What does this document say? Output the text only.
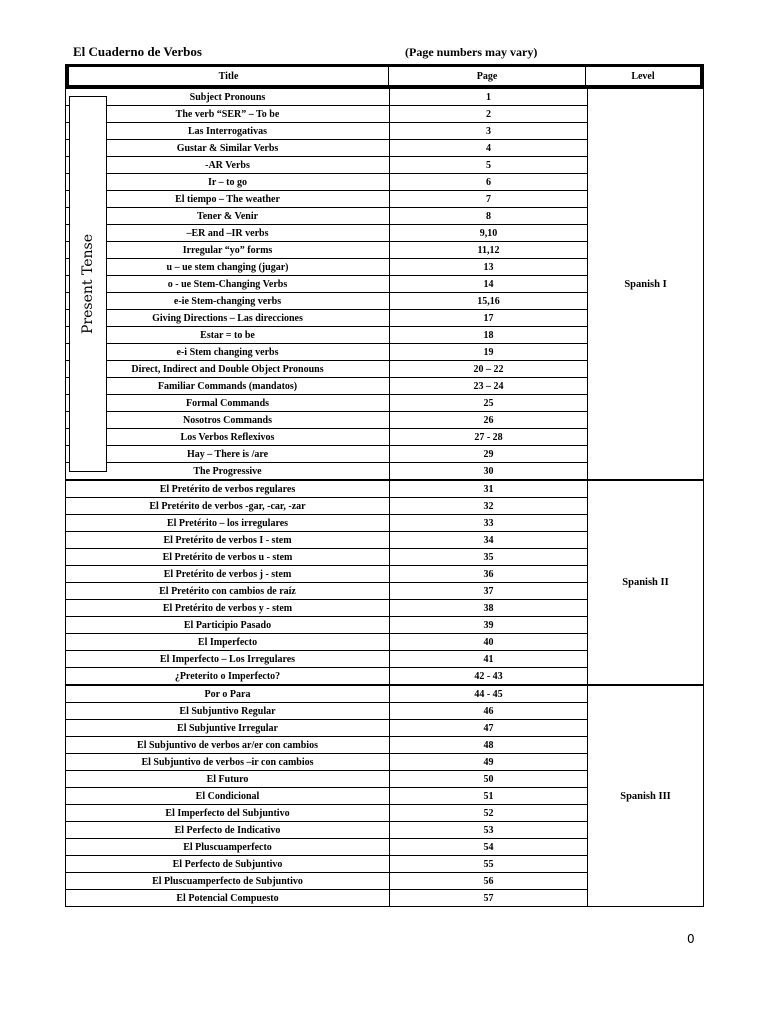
El Cuaderno de Verbos	(Page numbers may vary)
Title	Page	Level
Subject Pronouns	1	Spanish I
The verb “SER” – To be	2	
Las Interrogativas	3	
Gustar & Similar Verbs	4	
-AR Verbs	5	
Ir – to go	6	
El tiempo – The weather	7	
Tener & Venir	8	
–ER and –IR verbs	9,10	
Irregular “yo” forms	11,12	
u – ue stem changing (jugar)	13	
o - ue Stem-Changing Verbs	14	
e-ie Stem-changing verbs	15,16	
Giving Directions – Las direcciones	17	
Estar = to be	18	
e-i Stem changing verbs	19	
Direct, Indirect and Double Object Pronouns	20 – 22	
Familiar Commands (mandatos)	23 – 24	
Formal Commands	25	
Nosotros Commands	26	
Los Verbos Reflexivos	27 - 28	
Hay – There is /are	29	
The Progressive	30	
El Pretérito de verbos regulares	31	Spanish II
El Pretérito de verbos -gar, -car, -zar	32	
El Pretérito – los irregulares	33	
El Pretérito de verbos I - stem	34	
El Pretérito de verbos u - stem	35	
El Pretérito de verbos j - stem	36	
El Pretérito con cambios de raíz	37	
El Pretérito de verbos y - stem	38	
El Participio Pasado	39	
El Imperfecto	40	
El Imperfecto – Los Irregulares	41	
¿Preterito o Imperfecto?	42 - 43	
Por o Para	44 - 45	Spanish III
El Subjuntivo Regular	46	
El Subjuntive Irregular	47	
El Subjuntivo de verbos ar/er con cambios	48	
El Subjuntivo de verbos –ir con cambios	49	
El Futuro	50	
El Condicional	51	
El Imperfecto del Subjuntivo	52	
El Perfecto de Indicativo	53	
El Pluscuamperfecto	54	
El Perfecto de Subjuntivo	55	
El Pluscuamperfecto de Subjuntivo	56	
El Potencial Compuesto	57	
Present Tense
0
